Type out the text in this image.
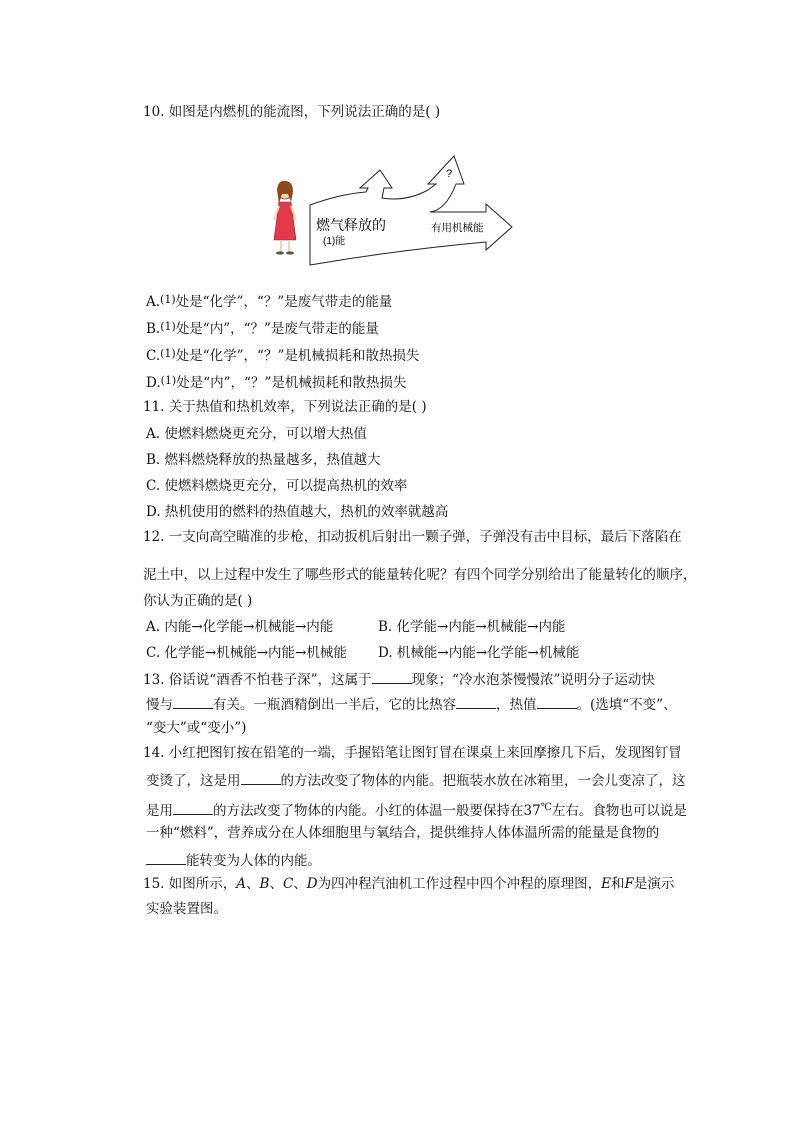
10. 如图是内燃机的能流图，下列说法正确的是( )
燃气释放的
(1)能
有用机械能
?
A.$^{(1)}$处是“化学”，“？”是废气带走的能量
B.$^{(1)}$处是“内”，“？”是废气带走的能量
C.$^{(1)}$处是“化学”，“？”是机械损耗和散热损失
D.$^{(1)}$处是“内”，“？”是机械损耗和散热损失
11. 关于热值和热机效率，下列说法正确的是( )
A. 使燃料燃烧更充分，可以增大热值
B. 燃料燃烧释放的热量越多，热值越大
C. 使燃料燃烧更充分，可以提高热机的效率
D. 热机使用的燃料的热值越大，热机的效率就越高
12. 一支向高空瞄准的步枪，扣动扳机后射出一颗子弹，子弹没有击中目标，最后下落陷在
泥土中，以上过程中发生了哪些形式的能量转化呢？有四个同学分别给出了能量转化的顺序，
你认为正确的是( )
A. 内能→化学能→机械能→内能	B. 化学能→内能→机械能→内能
C. 化学能→机械能→内能→机械能 D. 机械能→内能→化学能→机械能
13. 俗话说“酒香不怕巷子深”，这属于	现象；“冷水泡茶慢慢浓”说明分子运动快
慢与	有关。一瓶酒精倒出一半后，它的比热容	，热值	。(选填“不变”、
“变大”或“变小”)
14. 小红把图钉按在铅笔的一端，手握铅笔让图钉冒在课桌上来回摩擦几下后，发现图钉冒
变烫了，这是用	的方法改变了物体的内能。把瓶装水放在冰箱里，一会儿变凉了，这
是用	的方法改变了物体的内能。小红的体温一般要保持在37℃左右。食物也可以说是
一种“燃料”，营养成分在人体细胞里与氧结合，提供维持人体体温所需的能量是食物的
能转变为人体的内能。
15. 如图所示，A、B、C、D为四冲程汽油机工作过程中四个冲程的原理图，E和F是演示
实验装置图。
